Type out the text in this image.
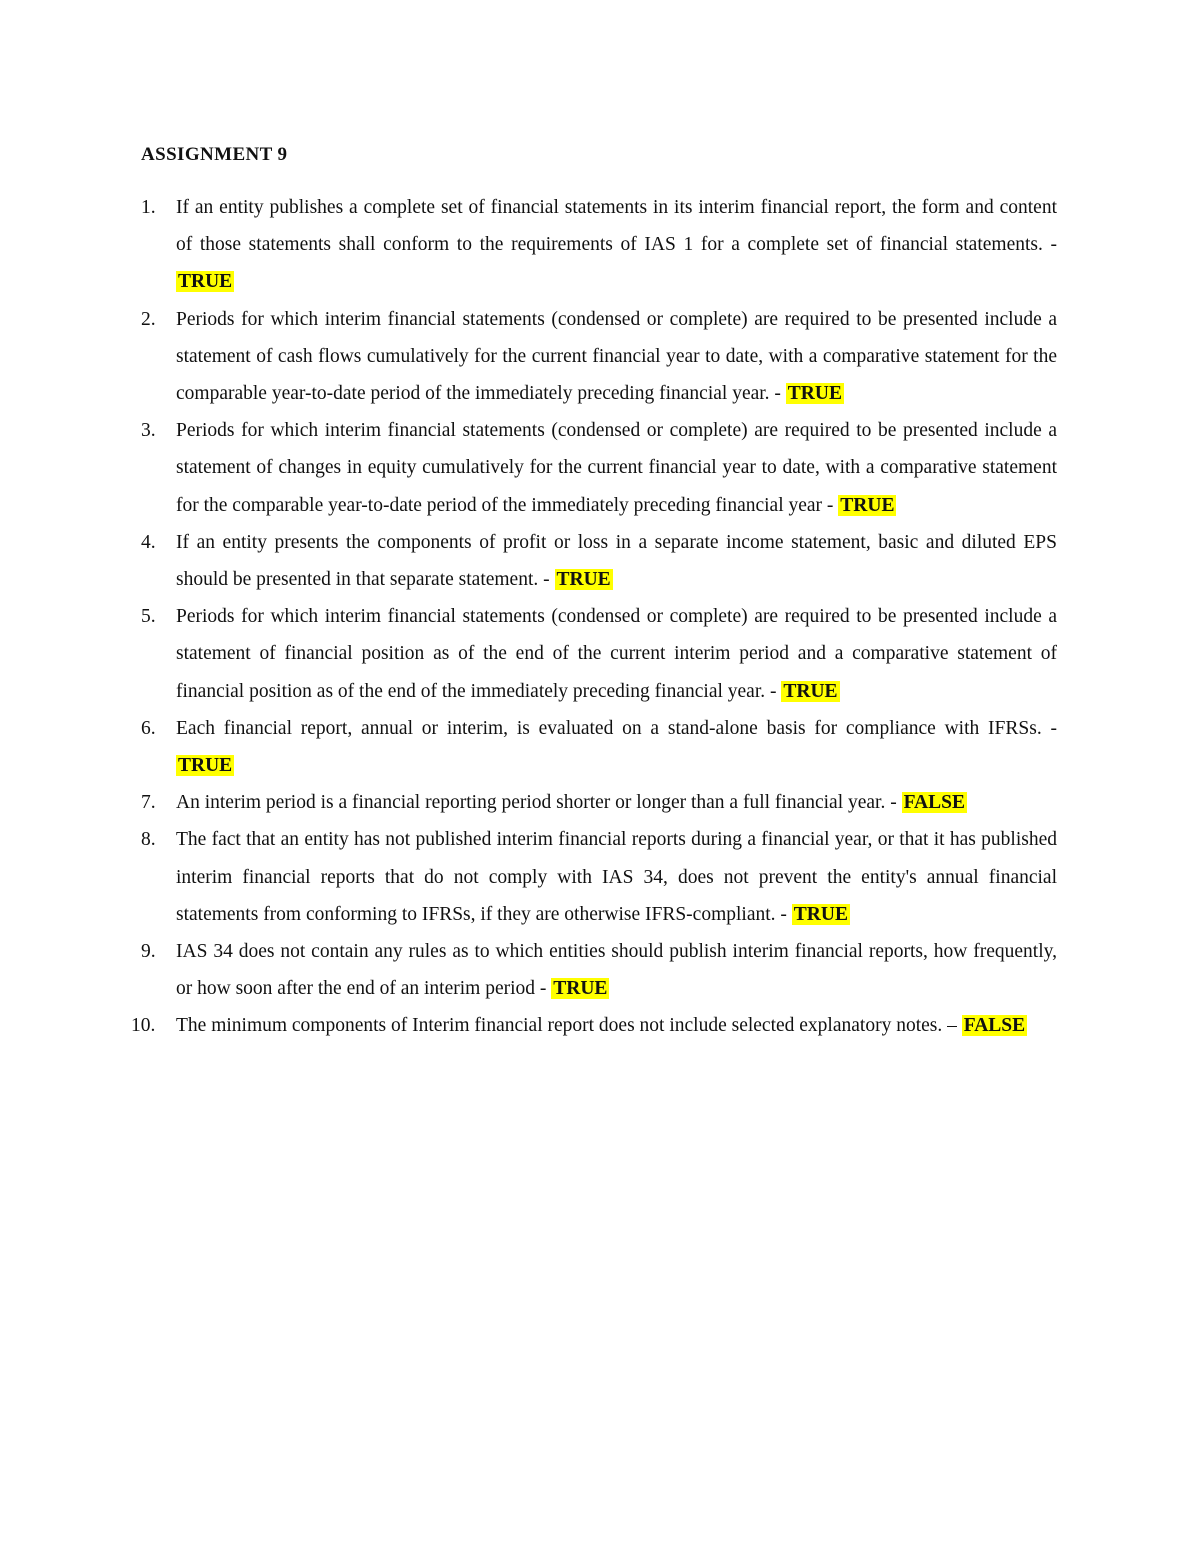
ASSIGNMENT 9
1. If an entity publishes a complete set of financial statements in its interim financial report, the form and content of those statements shall conform to the requirements of IAS 1 for a complete set of financial statements. - TRUE
2. Periods for which interim financial statements (condensed or complete) are required to be presented include a statement of cash flows cumulatively for the current financial year to date, with a comparative statement for the comparable year-to-date period of the immediately preceding financial year. - TRUE
3. Periods for which interim financial statements (condensed or complete) are required to be presented include a statement of changes in equity cumulatively for the current financial year to date, with a comparative statement for the comparable year-to-date period of the immediately preceding financial year - TRUE
4. If an entity presents the components of profit or loss in a separate income statement, basic and diluted EPS should be presented in that separate statement. - TRUE
5. Periods for which interim financial statements (condensed or complete) are required to be presented include a statement of financial position as of the end of the current interim period and a comparative statement of financial position as of the end of the immediately preceding financial year. - TRUE
6. Each financial report, annual or interim, is evaluated on a stand-alone basis for compliance with IFRSs. - TRUE
7. An interim period is a financial reporting period shorter or longer than a full financial year. - FALSE
8. The fact that an entity has not published interim financial reports during a financial year, or that it has published interim financial reports that do not comply with IAS 34, does not prevent the entity's annual financial statements from conforming to IFRSs, if they are otherwise IFRS-compliant. - TRUE
9. IAS 34 does not contain any rules as to which entities should publish interim financial reports, how frequently, or how soon after the end of an interim period - TRUE
10. The minimum components of Interim financial report does not include selected explanatory notes. – FALSE
